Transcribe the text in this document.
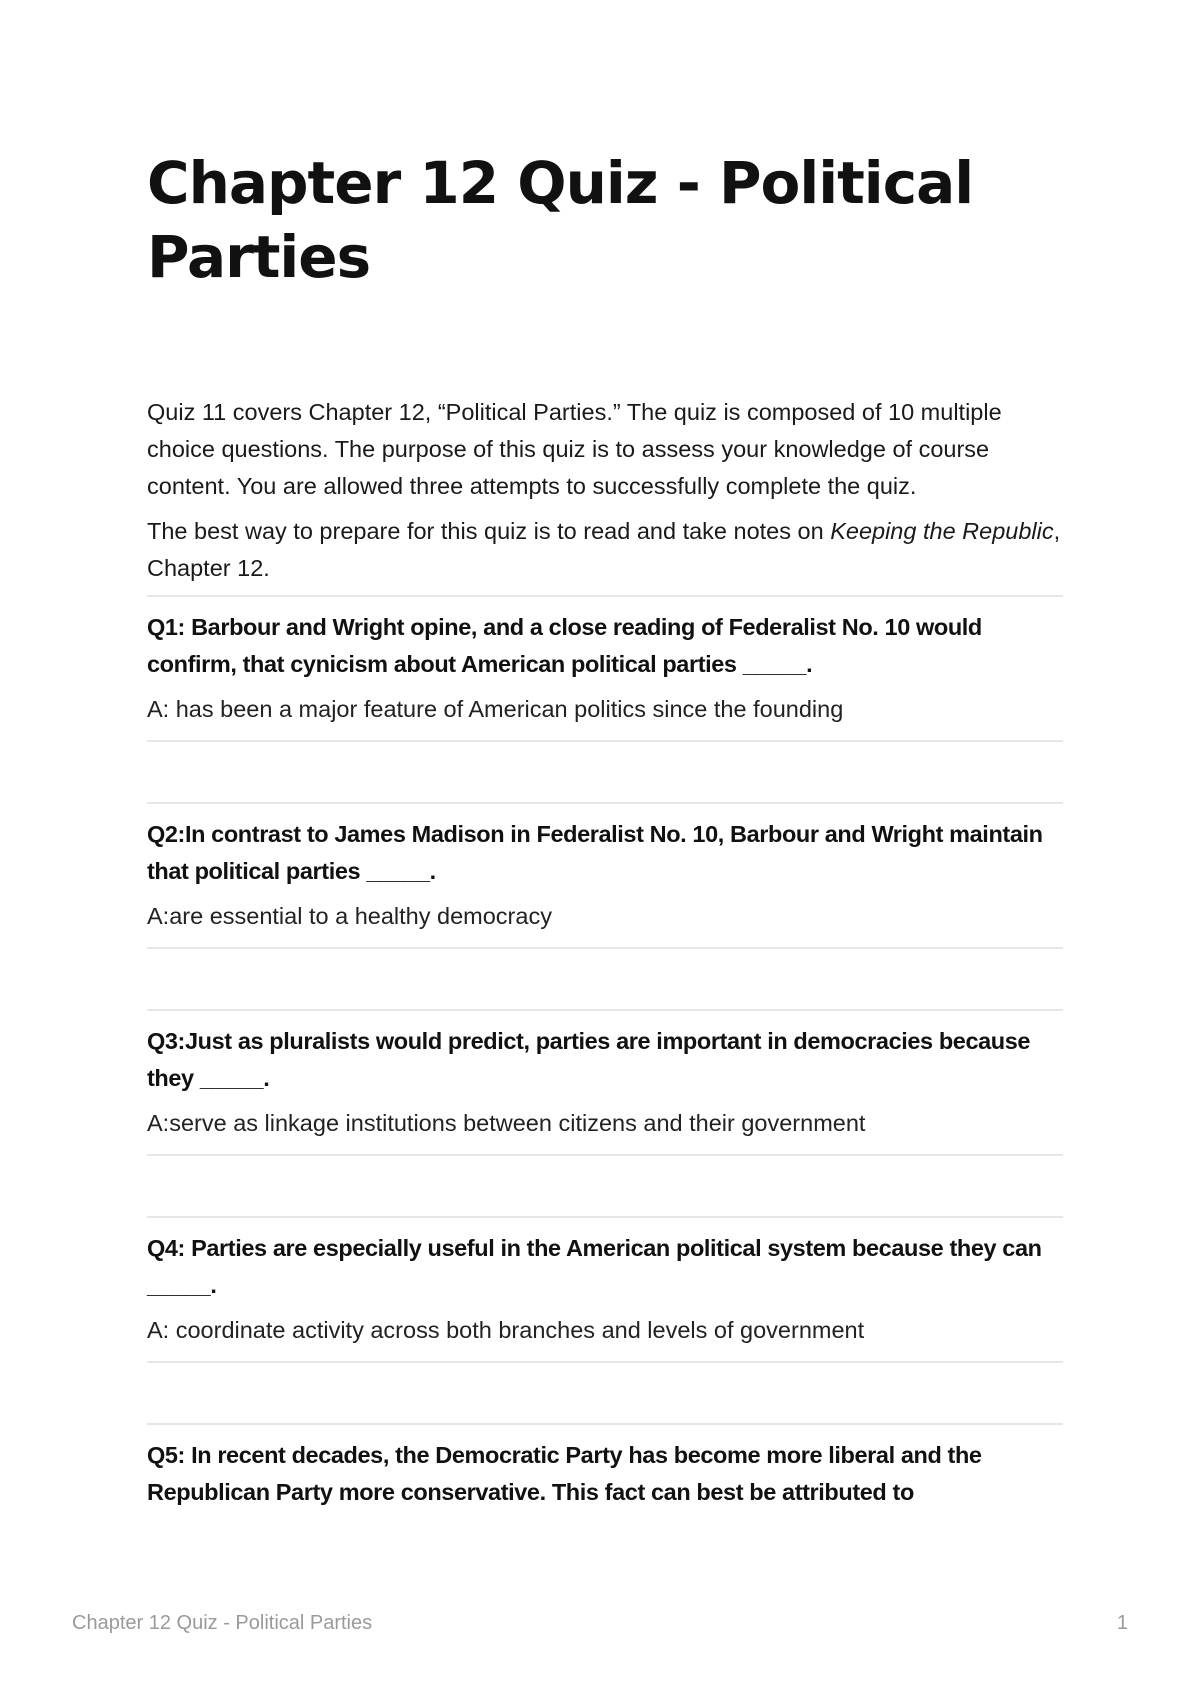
Chapter 12 Quiz - Political Parties

Quiz 11 covers Chapter 12, “Political Parties.” The quiz is composed of 10 multiple choice questions. The purpose of this quiz is to assess your knowledge of course content. You are allowed three attempts to successfully complete the quiz.

The best way to prepare for this quiz is to read and take notes on Keeping the Republic, Chapter 12.

Q1: Barbour and Wright opine, and a close reading of Federalist No. 10 would confirm, that cynicism about American political parties _____.

A: has been a major feature of American politics since the founding

Q2:In contrast to James Madison in Federalist No. 10, Barbour and Wright maintain that political parties _____.

A:are essential to a healthy democracy

Q3:Just as pluralists would predict, parties are important in democracies because they _____.

A:serve as linkage institutions between citizens and their government

Q4: Parties are especially useful in the American political system because they can _____.

A: coordinate activity across both branches and levels of government

Q5: In recent decades, the Democratic Party has become more liberal and the Republican Party more conservative. This fact can best be attributed to

Chapter 12 Quiz - Political Parties	1
